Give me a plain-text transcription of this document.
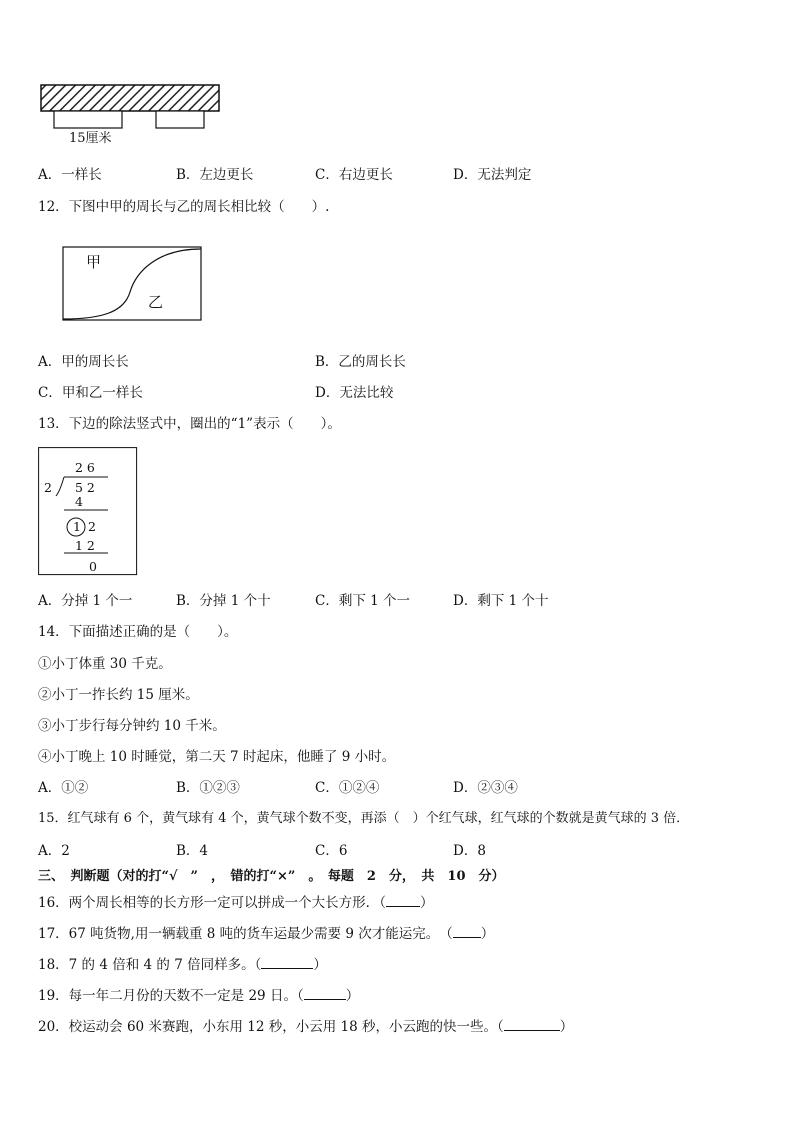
15厘米
A．一样长	B．左边更长	C．右边更长	D．无法判定
12．下图中甲的周长与乙的周长相比较（　　）.
甲
乙
A．甲的周长长	B．乙的周长长
C．甲和乙一样长	D．无法比较
13．下边的除法竖式中，圈出的“1”表示（　　）。
2 6
2 5 2
4
1 2
1 2
0
A．分掉 1 个一	B．分掉 1 个十	C．剩下 1 个一	D．剩下 1 个十
14．下面描述正确的是（　　）。
①小丁体重 30 千克。
②小丁一拃长约 15 厘米。
③小丁步行每分钟约 10 千米。
④小丁晚上 10 时睡觉，第二天 7 时起床，他睡了 9 小时。
A．①②	B．①②③	C．①②④	D．②③④
15．红气球有 6 个，黄气球有 4 个，黄气球个数不变，再添（　）个红气球，红气球的个数就是黄气球的 3 倍．
A．2	B．4	C．6	D．8
三、　判断题（对的打“√　”　，　错的打“×”　。　每题　2　分，　共　10　分）
16．两个周长相等的长方形一定可以拼成一个大长方形．（	）
17．67 吨货物,用一辆载重 8 吨的货车运最少需要 9 次才能运完。　（ ）
18．7 的 4 倍和 4 的 7 倍同样多。（	）
19．每一年二月份的天数不一定是 29 日。（	）
20．校运动会 60 米赛跑，小东用 12 秒，小云用 18 秒，小云跑的快一些。（	）
